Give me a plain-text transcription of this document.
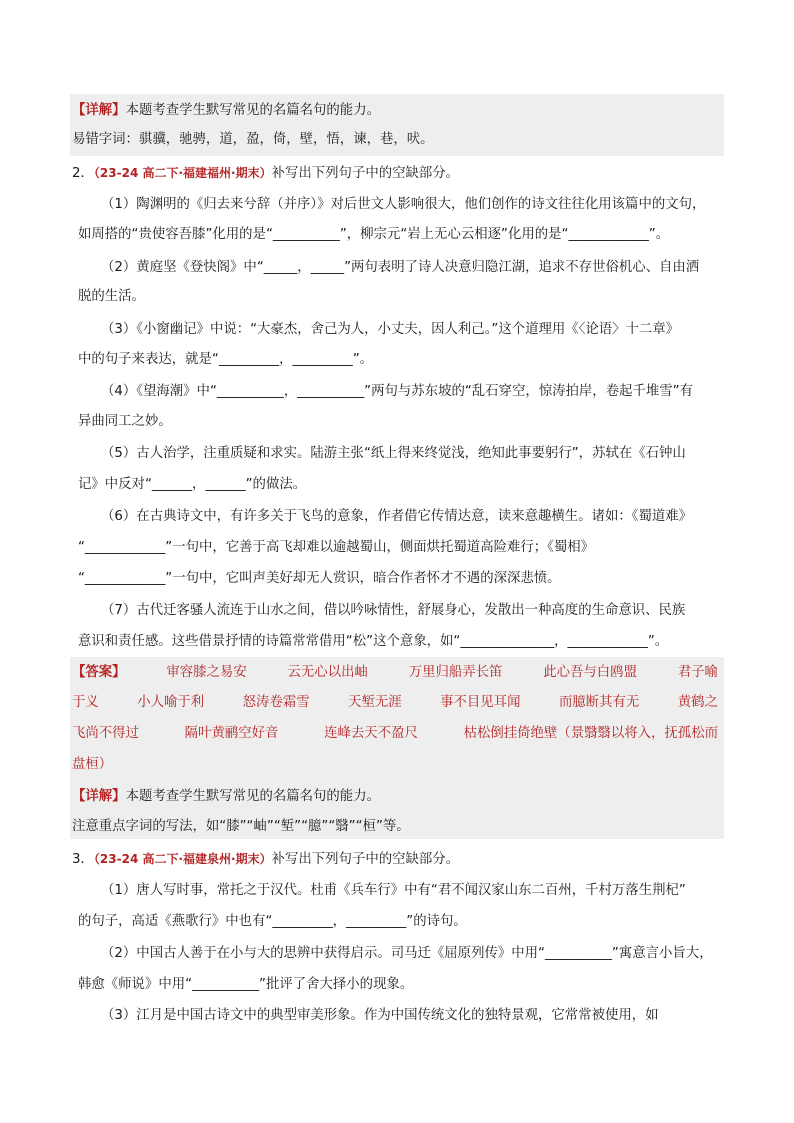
【详解】本题考查学生默写常见的名篇名句的能力。
易错字词：骐骥，驰骋，道，盈，倚，壁，悟，谏，巷，吠。
2．（23-24 高二下·福建福州·期末）补写出下列句子中的空缺部分。
（1）陶渊明的《归去来兮辞（并序）》对后世文人影响很大，他们创作的诗文往往化用该篇中的文句，
如周搭的“贵使容吾膝”化用的是“__________”，柳宗元“岩上无心云相逐”化用的是“____________”。
（2）黄庭坚《登快阁》中“_____，_____”两句表明了诗人决意归隐江湖，追求不存世俗机心、自由洒
脱的生活。
（3）《小窗幽记》中说：“大豪杰，舍己为人，小丈夫，因人利己。”这个道理用《〈论语〉十二章》
中的句子来表达，就是“_________，_________”。
（4）《望海潮》中“__________，__________”两句与苏东坡的“乱石穿空，惊涛拍岸，卷起千堆雪”有
异曲同工之妙。
（5）古人治学，注重质疑和求实。陆游主张“纸上得来终觉浅，绝知此事要躬行”，苏轼在《石钟山
记》中反对“______，______”的做法。
（6）在古典诗文中，有许多关于飞鸟的意象，作者借它传情达意，读来意趣横生。诸如：《蜀道难》
“____________”一句中，它善于高飞却难以逾越蜀山，侧面烘托蜀道高险难行；《蜀相》
“____________”一句中，它叫声美好却无人赏识，暗合作者怀才不遇的深深悲愤。
（7）古代迁客骚人流连于山水之间，借以吟咏情性，舒展身心，发散出一种高度的生命意识、民族
意识和责任感。这些借景抒情的诗篇常常借用“松”这个意象，如“______________，____________”。
【答案】	审容膝之易安	云无心以出岫	万里归船弄长笛	此心吾与白鸥盟	君子喻
于义	小人喻于利	怒涛卷霜雪	天堑无涯	事不目见耳闻	而臆断其有无	黄鹤之
飞尚不得过	隔叶黄鹂空好音	连峰去天不盈尺	枯松倒挂倚绝壁（景翳翳以将入，抚孤松而
盘桓）
【详解】本题考查学生默写常见的名篇名句的能力。
注意重点字词的写法，如“膝”“岫”“堑”“臆”“翳”“桓”等。
3．（23-24 高二下·福建泉州·期末）补写出下列句子中的空缺部分。
（1）唐人写时事，常托之于汉代。杜甫《兵车行》中有“君不闻汉家山东二百州，千村万落生荆杞”
的句子，高适《燕歌行》中也有“_________，_________”的诗句。
（2）中国古人善于在小与大的思辨中获得启示。司马迁《屈原列传》中用“__________”寓意言小旨大，
韩愈《师说》中用“__________”批评了舍大择小的现象。
（3）江月是中国古诗文中的典型审美形象。作为中国传统文化的独特景观，它常常被使用，如
